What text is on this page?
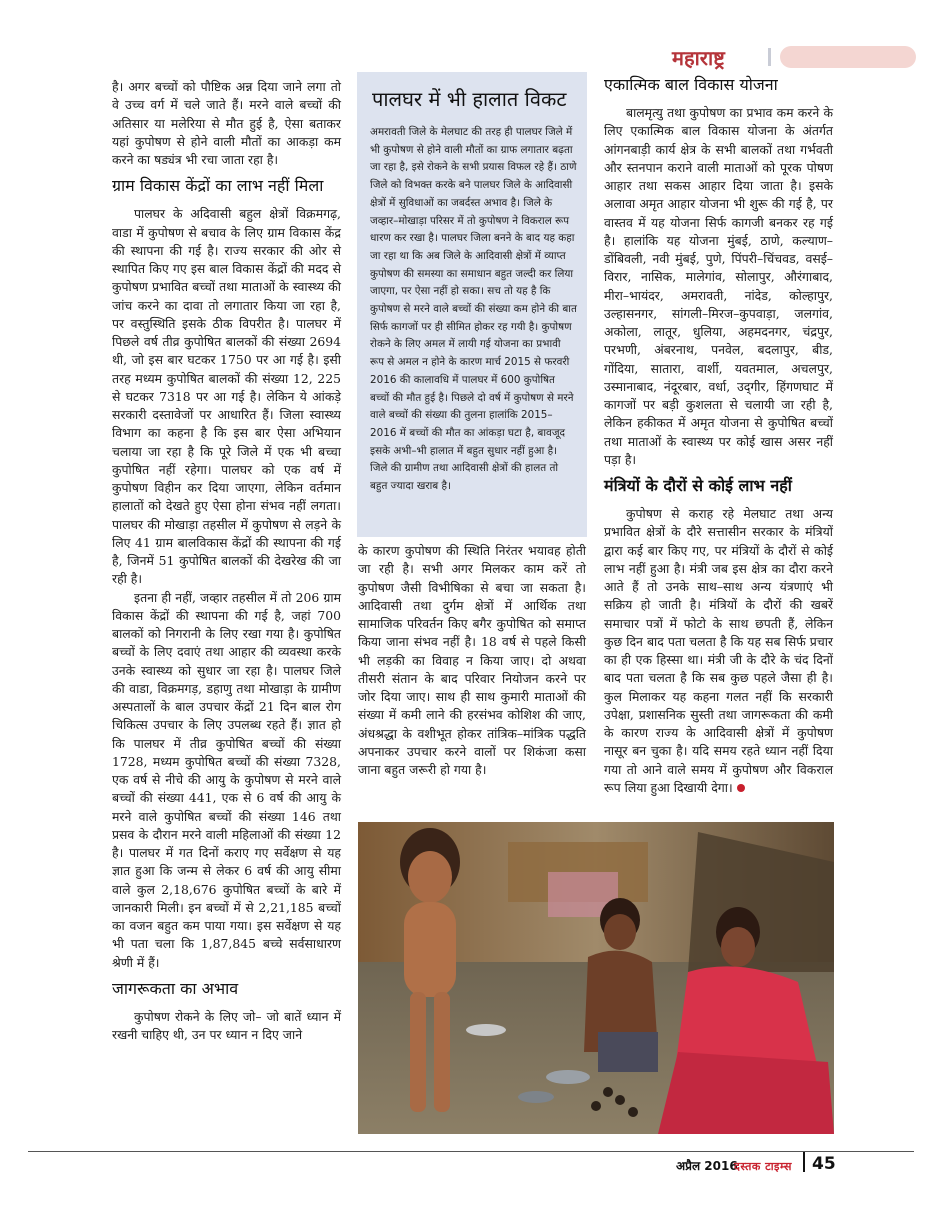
महाराष्ट्र

है। अगर बच्चों को पौष्टिक अन्न दिया जाने लगा तो वे उच्च वर्ग में चले जाते हैं। मरने वाले बच्चों की अतिसार या मलेरिया से मौत हुई है, ऐसा बताकर यहां कुपोषण से होने वाली मौतों का आकड़ा कम करने का षड्यंत्र भी रचा जाता रहा है।

ग्राम विकास केंद्रों का लाभ नहीं मिला

पालघर के अदिवासी बहुल क्षेत्रों विक्रमगढ़, वाडा में कुपोषण से बचाव के लिए ग्राम विकास केंद्र की स्थापना की गई है। राज्य सरकार की ओर से स्थापित किए गए इस बाल विकास केंद्रों की मदद से कुपोषण प्रभावित बच्चों तथा माताओं के स्वास्थ्य की जांच करने का दावा तो लगातार किया जा रहा है, पर वस्तुस्थिति इसके ठीक विपरीत है। पालघर में पिछले वर्ष तीव्र कुपोषित बालकों की संख्या 2694 थी, जो इस बार घटकर 1750 पर आ गई है। इसी तरह मध्यम कुपोषित बालकों की संख्या 12, 225 से घटकर 7318 पर आ गई है। लेकिन ये आंकड़े सरकारी दस्तावेजों पर आधारित हैं। जिला स्वास्थ्य विभाग का कहना है कि इस बार ऐसा अभियान चलाया जा रहा है कि पूरे जिले में एक भी बच्चा कुपोषित नहीं रहेगा। पालघर को एक वर्ष में कुपोषण विहीन कर दिया जाएगा, लेकिन वर्तमान हालातों को देखते हुए ऐसा होना संभव नहीं लगता। पालघर की मोखाड़ा तहसील में कुपोषण से लड़ने के लिए 41 ग्राम बालविकास केंद्रों की स्थापना की गई है, जिनमें 51 कुपोषित बालकों की देखरेख की जा रही है।

इतना ही नहीं, जव्हार तहसील में तो 206 ग्राम विकास केंद्रों की स्थापना की गई है, जहां 700 बालकों को निगरानी के लिए रखा गया है। कुपोषित बच्चों के लिए दवाएं तथा आहार की व्यवस्था करके उनके स्वास्थ्य को सुधार जा रहा है। पालघर जिले की वाडा, विक्रमगड़, डहाणु तथा मोखाड़ा के ग्रामीण अस्पतालों के बाल उपचार केंद्रों 21 दिन बाल रोग चिकित्स उपचार के लिए उपलब्ध रहते हैं। ज्ञात हो कि पालघर में तीव्र कुपोषित बच्चों की संख्या 1728, मध्यम कुपोषित बच्चों की संख्या 7328, एक वर्ष से नीचे की आयु के कुपोषण से मरने वाले बच्चों की संख्या 441, एक से 6 वर्ष की आयु के मरने वाले कुपोषित बच्चों की संख्या 146 तथा प्रसव के दौरान मरने वाली महिलाओं की संख्या 12 है। पालघर में गत दिनों कराए गए सर्वेक्षण से यह ज्ञात हुआ कि जन्म से लेकर 6 वर्ष की आयु सीमा वाले कुल 2,18,676 कुपोषित बच्चों के बारे में जानकारी मिली। इन बच्चों में से 2,21,185 बच्चों का वजन बहुत कम पाया गया। इस सर्वेक्षण से यह भी पता चला कि 1,87,845 बच्चे सर्वसाधारण श्रेणी में हैं।

जागरूकता का अभाव

कुपोषण रोकने के लिए जो– जो बातें ध्यान में रखनी चाहिए थी, उन पर ध्यान न दिए जाने

पालघर में भी हालात विकट

अमरावती जिले के मेलघाट की तरह ही पालघर जिले में भी कुपोषण से होने वाली मौतों का ग्राफ लगातार बढ़ता जा रहा है, इसे रोकने के सभी प्रयास विफल रहे हैं। ठाणे जिले को विभक्त करके बने पालघर जिले के आदिवासी क्षेत्रों में सुविधाओं का जबर्दस्त अभाव है। जिले के जव्हार–मोखाड़ा परिसर में तो कुपोषण ने विकराल रूप धारण कर रखा है। पालघर जिला बनने के बाद यह कहा जा रहा था कि अब जिले के आदिवासी क्षेत्रों में व्याप्त कुपोषण की समस्या का समाधान बहुत जल्दी कर लिया जाएगा, पर ऐसा नहीं हो सका। सच तो यह है कि कुपोषण से मरने वाले बच्चों की संख्या कम होने की बात सिर्फ कागजों पर ही सीमित होकर रह गयी है। कुपोषण रोकने के लिए अमल में लायी गई योजना का प्रभावी रूप से अमल न होने के कारण मार्च 2015 से फरवरी 2016 की कालावधि में पालघर में 600 कुपोषित बच्चों की मौत हुई है। पिछले दो वर्ष में कुपोषण से मरने वाले बच्चों की संख्या की तुलना हालांकि 2015–2016 में बच्चों की मौत का आंकड़ा घटा है, बावजूद इसके अभी–भी हालात में बहुत सुधार नहीं हुआ है। जिले की ग्रामीण तथा आदिवासी क्षेत्रों की हालत तो बहुत ज्यादा खराब है।

के कारण कुपोषण की स्थिति निरंतर भयावह होती जा रही है। सभी अगर मिलकर काम करें तो कुपोषण जैसी विभीषिका से बचा जा सकता है। आदिवासी तथा दुर्गम क्षेत्रों में आर्थिक तथा सामाजिक परिवर्तन किए बगैर कुपोषित को समाप्त किया जाना संभव नहीं है। 18 वर्ष से पहले किसी भी लड़की का विवाह न किया जाए। दो अथवा तीसरी संतान के बाद परिवार नियोजन करने पर जोर दिया जाए। साथ ही साथ कुमारी माताओं की संख्या में कमी लाने की हरसंभव कोशिश की जाए, अंधश्रद्धा के वशीभूत होकर तांत्रिक–मांत्रिक पद्धति अपनाकर उपचार करने वालों पर शिकंजा कसा जाना बहुत जरूरी हो गया है।

एकात्मिक बाल विकास योजना

बालमृत्यु तथा कुपोषण का प्रभाव कम करने के लिए एकात्मिक बाल विकास योजना के अंतर्गत आंगनबाड़ी कार्य क्षेत्र के सभी बालकों तथा गर्भवती और स्तनपान कराने वाली माताओं को पूरक पोषण आहार तथा सकस आहार दिया जाता है। इसके अलावा अमृत आहार योजना भी शुरू की गई है, पर वास्तव में यह योजना सिर्फ कागजी बनकर रह गई है। हालांकि यह योजना मुंबई, ठाणे, कल्याण–डोंबिवली, नवी मुंबई, पुणे, पिंपरी–चिंचवड, वसई–विरार, नासिक, मालेगांव, सोलापुर, औरंगाबाद, मीरा–भायंदर, अमरावती, नांदेड, कोल्हापुर, उल्हासनगर, सांगली–मिरज–कुपवाड़ा, जलगांव, अकोला, लातूर, धुलिया, अहमदनगर, चंद्रपुर, परभणी, अंबरनाथ, पनवेल, बदलापुर, बीड, गोंदिया, सातारा, वार्शी, यवतमाल, अचलपुर, उस्मानाबाद, नंदूरबार, वर्धा, उद्‌गीर, हिंगणघाट में कागजों पर बड़ी कुशलता से चलायी जा रही है, लेकिन हकीकत में अमृत योजना से कुपोषित बच्चों तथा माताओं के स्वास्थ्य पर कोई खास असर नहीं पड़ा है।

मंत्रियों के दौरों से कोई लाभ नहीं

कुपोषण से कराह रहे मेलघाट तथा अन्य प्रभावित क्षेत्रों के दौरे सत्तासीन सरकार के मंत्रियों द्वारा कई बार किए गए, पर मंत्रियों के दौरों से कोई लाभ नहीं हुआ है। मंत्री जब इस क्षेत्र का दौरा करने आते हैं तो उनके साथ–साथ अन्य यंत्रणाएं भी सक्रिय हो जाती है। मंत्रियों के दौरों की खबरें समाचार पत्रों में फोटो के साथ छपती हैं, लेकिन कुछ दिन बाद पता चलता है कि यह सब सिर्फ प्रचार का ही एक हिस्सा था। मंत्री जी के दौरे के चंद दिनों बाद पता चलता है कि सब कुछ पहले जैसा ही है। कुल मिलाकर यह कहना गलत नहीं कि सरकारी उपेक्षा, प्रशासनिक सुस्ती तथा जागरूकता की कमी के कारण राज्य के आदिवासी क्षेत्रों में कुपोषण नासूर बन चुका है। यदि समय रहते ध्यान नहीं दिया गया तो आने वाले समय में कुपोषण और विकराल रूप लिया हुआ दिखायी देगा।

अप्रैल 2016
दस्तक टाइम्स 45
